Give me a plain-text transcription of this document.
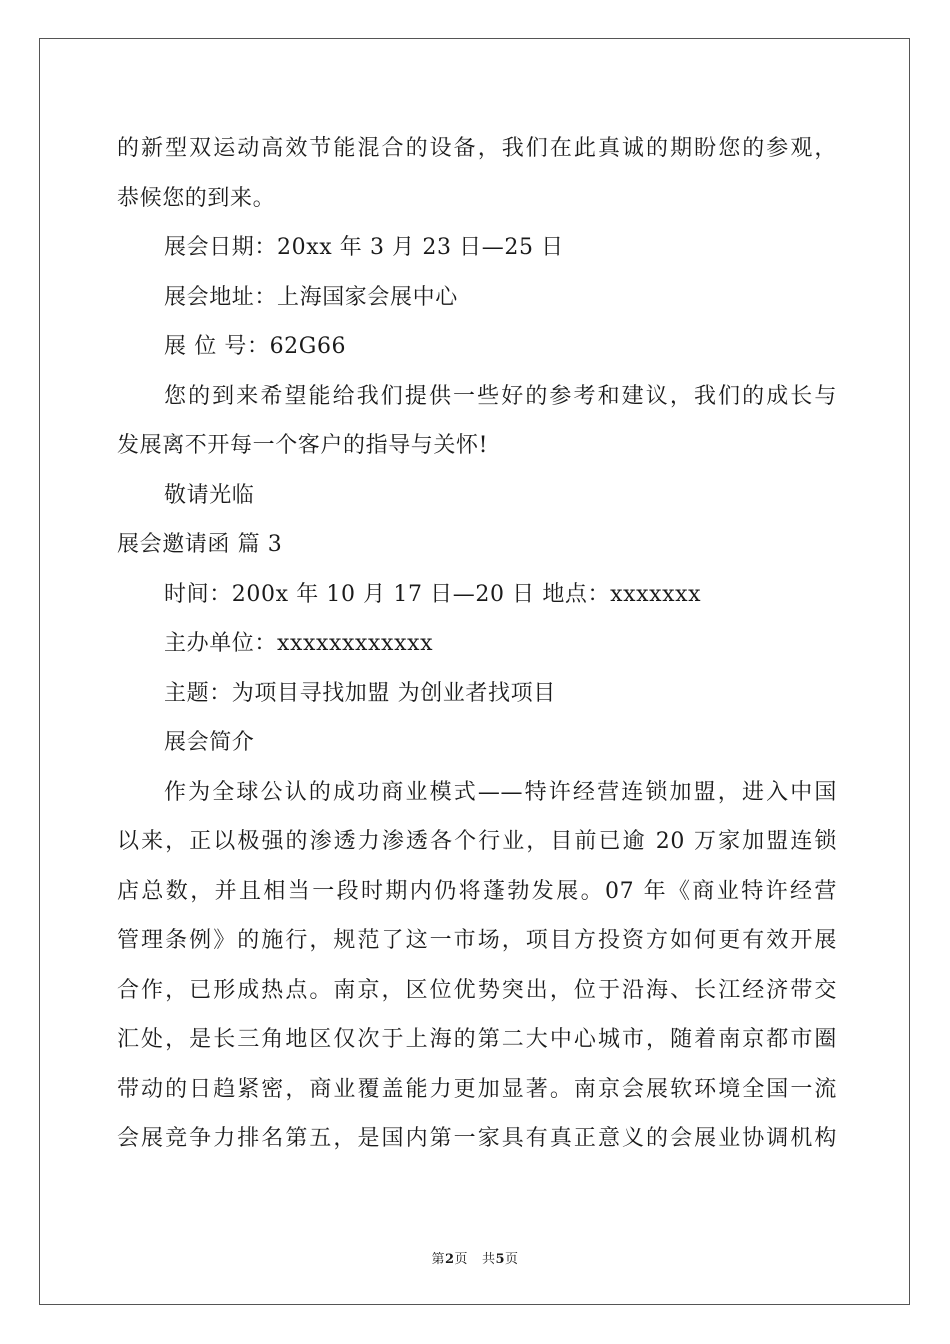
的新型双运动高效节能混合的设备，我们在此真诚的期盼您的参观，
恭候您的到来。
展会日期：20xx 年 3 月 23 日—25 日
展会地址：上海国家会展中心
展 位 号：62G66
您的到来希望能给我们提供一些好的参考和建议，我们的成长与
发展离不开每一个客户的指导与关怀!
敬请光临
展会邀请函 篇 3
时间：200x 年 10 月 17 日—20 日 地点：xxxxxxx
主办单位：xxxxxxxxxxxx
主题：为项目寻找加盟 为创业者找项目
展会简介
作为全球公认的成功商业模式——特许经营连锁加盟，进入中国
以来，正以极强的渗透力渗透各个行业，目前已逾 20 万家加盟连锁
店总数，并且相当一段时期内仍将蓬勃发展。07 年《商业特许经营
管理条例》的施行，规范了这一市场，项目方投资方如何更有效开展
合作，已形成热点。南京，区位优势突出，位于沿海、长江经济带交
汇处，是长三角地区仅次于上海的第二大中心城市，随着南京都市圈
带动的日趋紧密，商业覆盖能力更加显著。南京会展软环境全国一流
会展竞争力排名第五，是国内第一家具有真正意义的会展业协调机构
第2页 共5页
